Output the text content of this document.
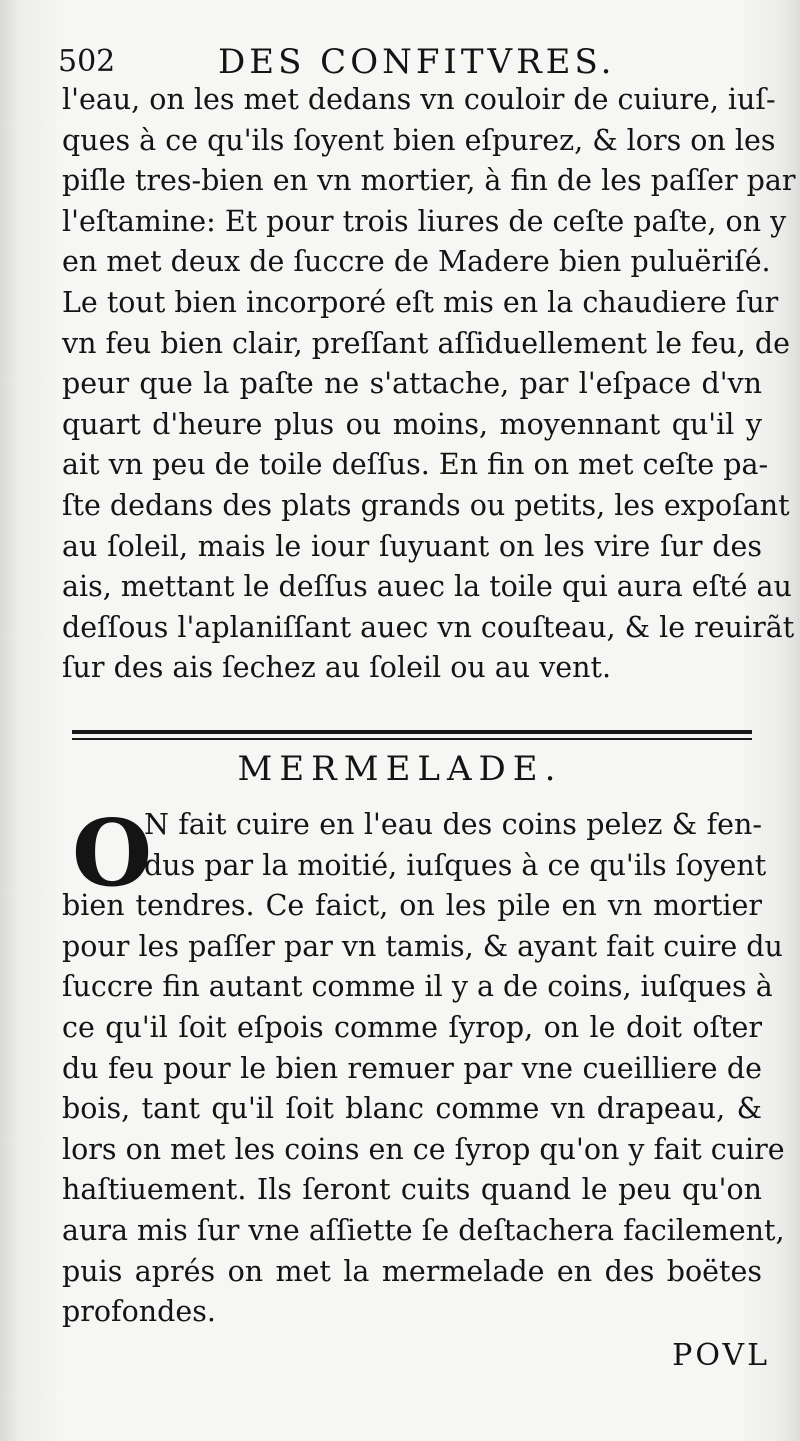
502	DES CONFITVRES.
l'eau, on les met dedans vn couloir de cuiure, iuſ-
ques à ce qu'ils ſoyent bien eſpurez, & lors on les
piſle tres-bien en vn mortier, à fin de les paſſer par
l'eſtamine: Et pour trois liures de ceſte paſte, on y
en met deux de ſuccre de Madere bien puluëriſé.
Le tout bien incorporé eſt mis en la chaudiere ſur
vn feu bien clair, preſſant aſſiduellement le feu, de
peur que la paſte ne s'attache, par l'eſpace d'vn
quart d'heure plus ou moins, moyennant qu'il y
ait vn peu de toile deſſus. En fin on met ceſte pa-
ſte dedans des plats grands ou petits, les expoſant
au ſoleil, mais le iour ſuyuant on les vire ſur des
ais, mettant le deſſus auec la toile qui aura eſté au
deſſous l'aplaniſſant auec vn couſteau, & le reuirãt
ſur des ais ſechez au ſoleil ou au vent.
MERMELADE.
O
N fait cuire en l'eau des coins pelez & fen-
dus par la moitié, iuſques à ce qu'ils ſoyent
bien tendres. Ce faict, on les pile en vn mortier
pour les paſſer par vn tamis, & ayant fait cuire du
ſuccre fin autant comme il y a de coins, iuſques à
ce qu'il ſoit eſpois comme ſyrop, on le doit oſter
du feu pour le bien remuer par vne cueilliere de
bois, tant qu'il ſoit blanc comme vn drapeau, &
lors on met les coins en ce ſyrop qu'on y fait cuire
haſtiuement. Ils ſeront cuits quand le peu qu'on
aura mis ſur vne aſſiette ſe deſtachera facilement,
puis aprés on met la mermelade en des boëtes
profondes.
POVL
